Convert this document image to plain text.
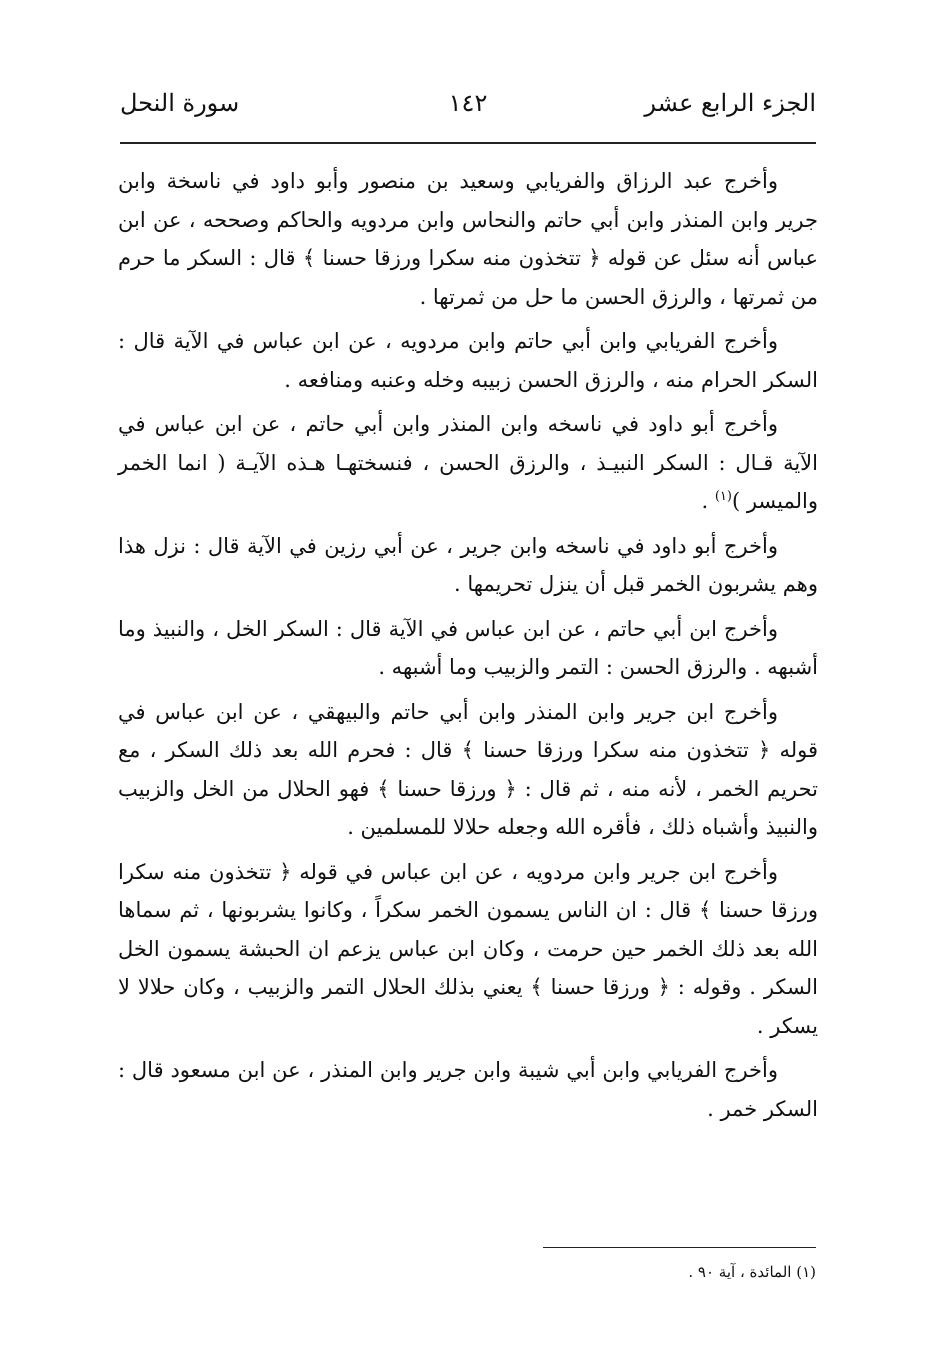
الجزء الرابع عشر
١٤٢
سورة النحل

وأخرج عبد الرزاق والفريابي وسعيد بن منصور وأبو داود في ناسخة وابن جرير وابن المنذر وابن أبي حاتم والنحاس وابن مردويه والحاكم وصححه ، عن ابن عباس أنه سئل عن قوله ﴿ تتخذون منه سكرا ورزقا حسنا ﴾ قال : السكر ما حرم من ثمرتها ، والرزق الحسن ما حل من ثمرتها .

وأخرج الفريابي وابن أبي حاتم وابن مردويه ، عن ابن عباس في الآية قال : السكر الحرام منه ، والرزق الحسن زبيبه وخله وعنبه ومنافعه .

وأخرج أبو داود في ناسخه وابن المنذر وابن أبي حاتم ، عن ابن عباس في الآية قـال : السكر النبيـذ ، والرزق الحسن ، فنسختهـا هـذه الآيـة ( انما الخمر والميسر )$^{(١)}$ .

وأخرج أبو داود في ناسخه وابن جرير ، عن أبي رزين في الآية قال : نزل هذا وهم يشربون الخمر قبل أن ينزل تحريمها .

وأخرج ابن أبي حاتم ، عن ابن عباس في الآية قال : السكر الخل ، والنبيذ وما أشبهه . والرزق الحسن : التمر والزبيب وما أشبهه .

وأخرج ابن جرير وابن المنذر وابن أبي حاتم والبيهقي ، عن ابن عباس في قوله ﴿ تتخذون منه سكرا ورزقا حسنا ﴾ قال : فحرم الله بعد ذلك السكر ، مع تحريم الخمر ، لأنه منه ، ثم قال : ﴿ ورزقا حسنا ﴾ فهو الحلال من الخل والزبيب والنبيذ وأشباه ذلك ، فأقره الله وجعله حلالا للمسلمين .

وأخرج ابن جرير وابن مردويه ، عن ابن عباس في قوله ﴿ تتخذون منه سكرا ورزقا حسنا ﴾ قال : ان الناس يسمون الخمر سكراً ، وكانوا يشربونها ، ثم سماها الله بعد ذلك الخمر حين حرمت ، وكان ابن عباس يزعم ان الحبشة يسمون الخل السكر . وقوله : ﴿ ورزقا حسنا ﴾ يعني بذلك الحلال التمر والزبيب ، وكان حلالا لا يسكر .

وأخرج الفريابي وابن أبي شيبة وابن جرير وابن المنذر ، عن ابن مسعود قال : السكر خمر .

(١) المائدة ، آية ٩٠ .
